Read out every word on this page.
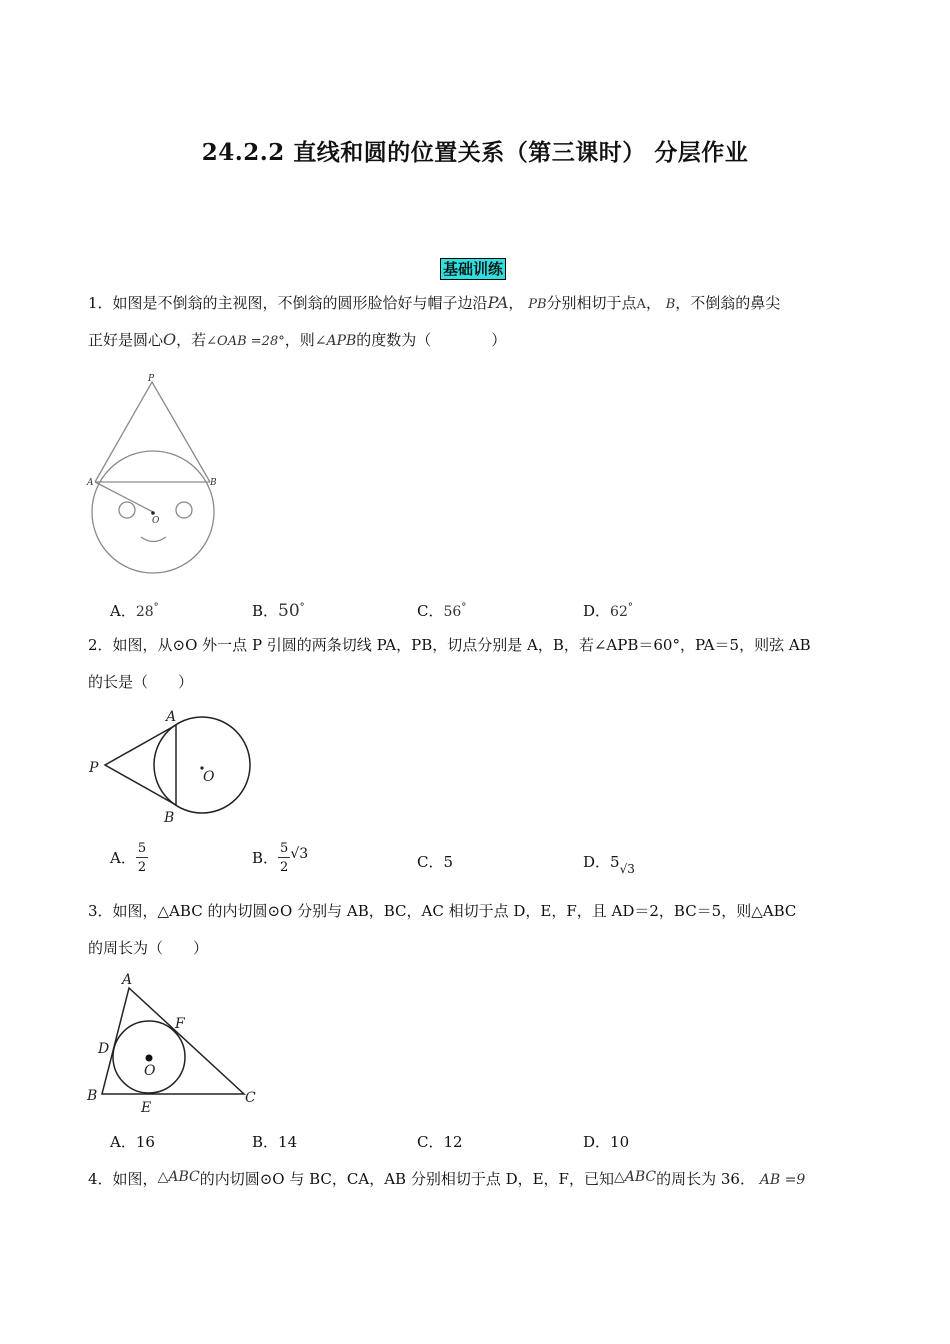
24.2.2 直线和圆的位置关系（第三课时） 分层作业
基础训练
1．如图是不倒翁的主视图，不倒翁的圆形脸恰好与帽子边沿PA， PB分别相切于点A， B，不倒翁的鼻尖
正好是圆心O，若∠OAB =28°，则∠APB的度数为（　　　　）
P
A	B
O
A．28°	B．50°	C．56°	D．62°
2．如图，从⊙O 外一点 P 引圆的两条切线 PA，PB，切点分别是 A，B，若∠APB＝60°，PA＝5，则弦 AB
的长是（　　）
A
P
O
B
A． $\frac{5}{2}$	B． $\frac{5}{2} √3$	C．5	D．$5_{√3}$
3．如图，△ABC 的内切圆⊙O 分别与 AB，BC，AC 相切于点 D，E，F，且 AD＝2，BC＝5，则△ABC
的周长为（　　）
A
F
D
O
B
E
C
A．16	B．14	C．12	D．10
4．如图，△ABC的内切圆⊙O 与 BC，CA，AB 分别相切于点 D，E，F，已知△ABC的周长为 36． AB =9
